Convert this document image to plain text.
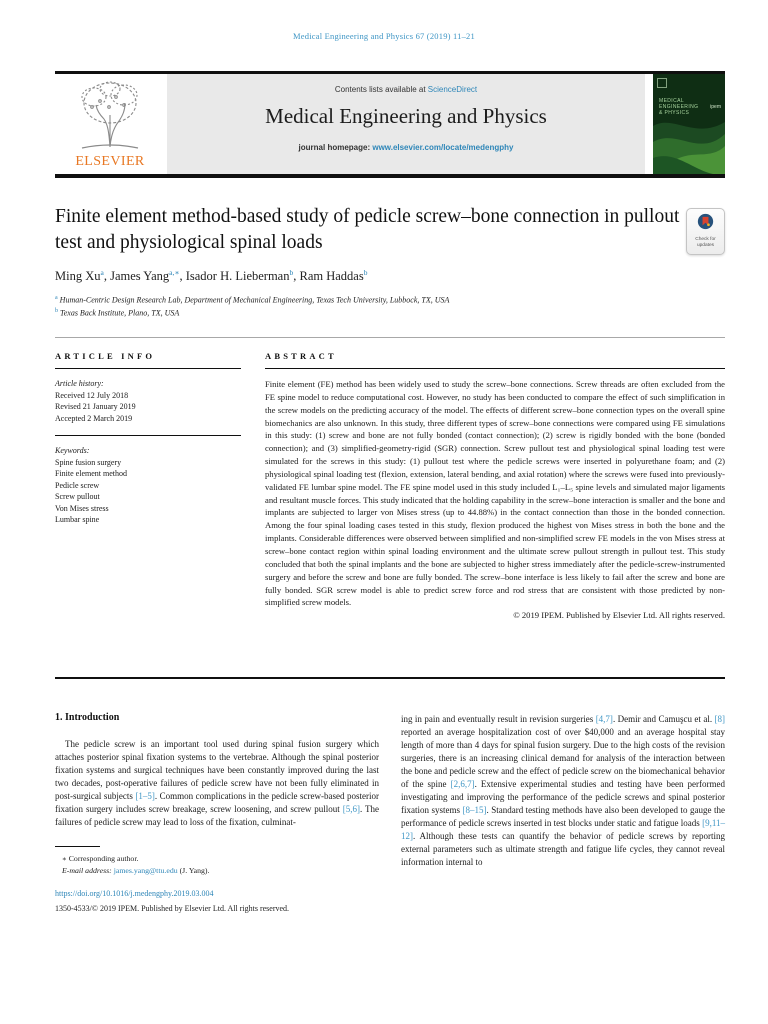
Medical Engineering and Physics 67 (2019) 11–21
ELSEVIER
Contents lists available at ScienceDirect
Medical Engineering and Physics
journal homepage: www.elsevier.com/locate/medengphy
MEDICAL ENGINEERING & PHYSICS
ipem
Finite element method-based study of pedicle screw–bone connection in pullout test and physiological spinal loads	Check for updates
Ming Xu$^a$, James Yang$^{a,∗}$, Isador H. Lieberman$^b$, Ram Haddas$^b$
$^a$ Human-Centric Design Research Lab, Department of Mechanical Engineering, Texas Tech University, Lubbock, TX, USA
$^b$ Texas Back Institute, Plano, TX, USA
ARTICLE INFO
Article history:
Received 12 July 2018
Revised 21 January 2019
Accepted 2 March 2019
Keywords:
Spine fusion surgery
Finite element method
Pedicle screw
Screw pullout
Von Mises stress
Lumbar spine
ABSTRACT

Finite element (FE) method has been widely used to study the screw–bone connections. Screw threads are often excluded from the FE spine model to reduce computational cost. However, no study has been conducted to compare the effect of such simplification in the screw models on the predicting accuracy of the model. The effects of different screw–bone connection types on the overall spine biomechanics are also unknown. In this study, three different types of screw–bone connections were compared using FE simulations in this study: (1) screw and bone are not fully bonded (contact connection); (2) screw is rigidly bonded with the bone (bonded connection); and (3) simplified-geometry-rigid (SGR) connection. Screw pullout test and physiological spinal loading test were simulated for the screws in this study: (1) pullout test where the pedicle screws were inserted in polyurethane foam; and (2) physiological spinal loading test (flexion, extension, lateral bending, and axial rotation) where the screws were fused into previously-validated FE lumbar spine model. The FE spine model used in this study included L₁–L₅ spine levels and simulated major ligaments and resultant muscle forces. This study indicated that the holding capability in the screw–bone interaction is smaller and the bone and implants are subjected to larger von Mises stress (up to 44.88%) in the contact connection than those in the bonded connection. Among the four spinal loading cases tested in this study, flexion produced the highest von Mises stress in both the bone and the implants. Considerable differences were observed between simplified and non-simplified screw FE models in the von Mises stress at screw–bone contact region within spinal loading environment and the ultimate screw pullout strength in pullout test. This study concluded that both the spinal implants and the bone are subjected to higher stress immediately after the pedicle-screw-instrumented surgery and before the screw and bone are fully bonded. The screw–bone interface is less likely to fail after the screw and bone are fully bonded. SGR screw model is able to predict screw force and rod stress that are consistent with those predicted by non-simplified screw models.

© 2019 IPEM. Published by Elsevier Ltd. All rights reserved.
1. Introduction

The pedicle screw is an important tool used during spinal fusion surgery which attaches posterior spinal fixation systems to the vertebrae. Although the spinal posterior fixation systems and surgical techniques have been constantly improved during the last two decades, post-operative failures of pedicle screw have not been fully eliminated in post-surgical subjects [1–5]. Common complications in the pedicle screw-based posterior fixation surgery includes screw breakage, screw loosening, and screw pullout [5,6]. The failures of pedicle screw may lead to loss of the fixation, culminat-

∗ Corresponding author.
E-mail address: james.yang@ttu.edu (J. Yang).
https://doi.org/10.1016/j.medengphy.2019.03.004
1350-4533/© 2019 IPEM. Published by Elsevier Ltd. All rights reserved.

ing in pain and eventually result in revision surgeries [4,7]. Demir and Camuşcu et al. [8] reported an average hospitalization cost of over $40,000 and an average hospital stay length of more than 4 days for spinal fusion surgery. Due to the high costs of the revision surgeries, there is an increasing clinical demand for analysis of the interaction between the bone and pedicle screw and the effect of pedicle screw on the biomechanical behavior of the spine [2,6,7]. Extensive experimental studies and testing have been performed investigating and improving the performance of the pedicle screws and spinal posterior fixation systems [8–15]. Standard testing methods have also been developed to gauge the performance of pedicle screws inserted in test blocks under static and fatigue loads [9,11–12]. Although these tests can quantify the behavior of pedicle screws by reporting external parameters such as ultimate strength and fatigue life cycles, they cannot reveal information internal to
